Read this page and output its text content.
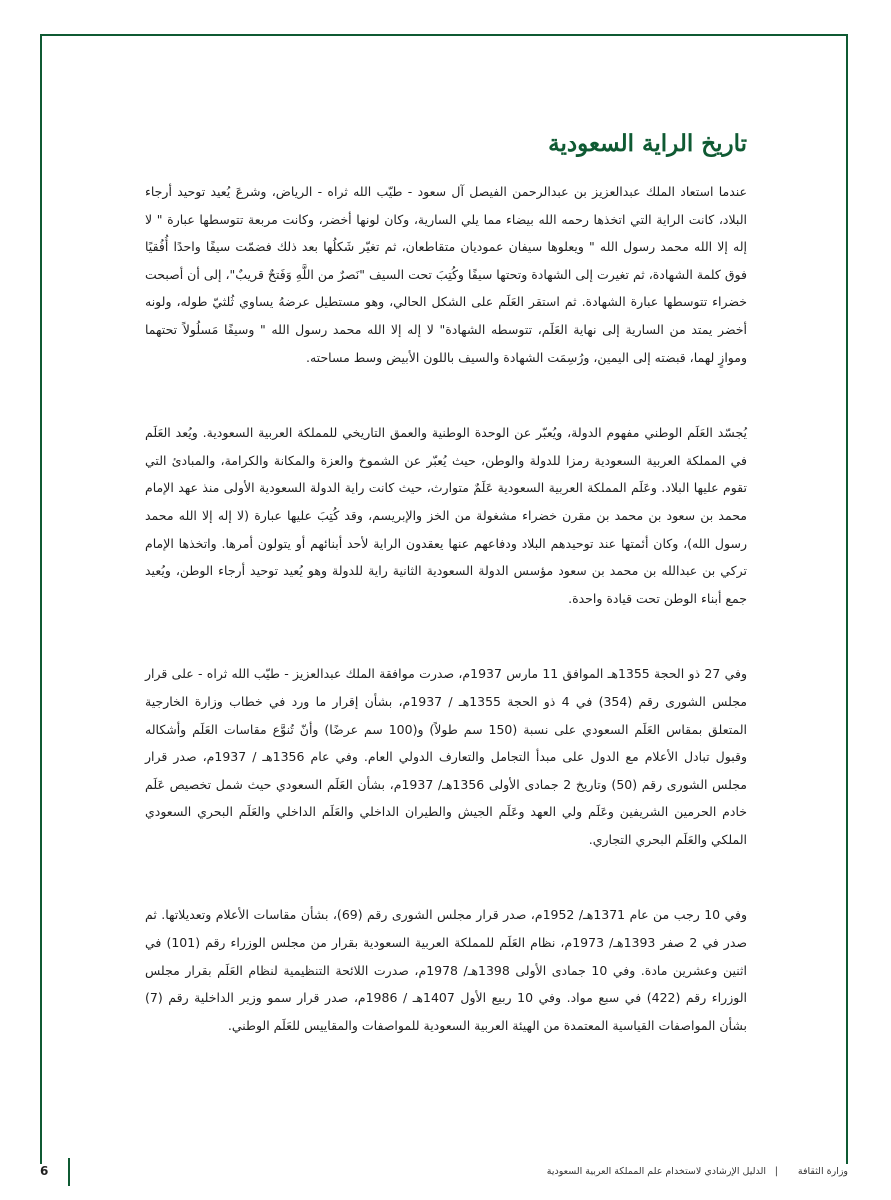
تاريخ الراية السعودية

عندما استعاد الملك عبدالعزيز بن عبدالرحمن الفيصل آل سعود - طيّب الله ثراه - الرياض، وشرعَ يُعيد توحيد أرجاء البلاد، كانت الراية التي اتخذها رحمه الله بيضاء مما يلي السارية، وكان لونها أخضر، وكانت مربعة تتوسطها عبارة " لا إله إلا الله محمد رسول الله " ويعلوها سيفان عموديان متقاطعان، ثم تغيّر شَكلُها بعد ذلك فضمّت سيفًا واحدًا أُفُقيًا فوق كلمة الشهادة، ثم تغيرت إلى الشهادة وتحتها سيفًا وكُتِبَ تحت السيف "نَصرٌ من اللَّهِ وَفَتحٌ قريبٌ"، إلى أن أصبحت خضراء تتوسطها عبارة الشهادة. ثم استقر العَلَم على الشكل الحالي، وهو مستطيل عرضهُ يساوي ثُلثيّ طوله، ولونه أخضر يمتد من السارية إلى نهاية العَلَم، تتوسطه الشهادة" لا إله إلا الله محمد رسول الله " وسيفًا مَسلُولاً تحتهما وموازٍ لهما، قبضته إلى اليمين، ورُسِمَت الشهادة والسيف باللون الأبيض وسط مساحته.

يُجسّد العَلَم الوطني مفهوم الدولة، ويُعبّر عن الوحدة الوطنية والعمق التاريخي للمملكة العربية السعودية. ويُعد العَلَم في المملكة العربية السعودية رمزا للدولة والوطن، حيث يُعبّر عن الشموخ والعزة والمكانة والكرامة، والمبادئ التي تقوم عليها البلاد. وعَلَم المملكة العربية السعودية عَلَمٌ متوارث، حيث كانت راية الدولة السعودية الأولى منذ عهد الإمام محمد بن سعود بن محمد بن مقرن خضراء مشغولة من الخز والإبريسم، وقد كُتِبَ عليها عبارة (لا إله إلا الله محمد رسول الله)، وكان أئمتها عند توحيدهم البلاد ودفاعهم عنها يعقدون الراية لأحد أبنائهم أو يتولون أمرها. واتخذها الإمام تركي بن عبدالله بن محمد بن سعود مؤسس الدولة السعودية الثانية راية للدولة وهو يُعيد توحيد أرجاء الوطن، ويُعيد جمع أبناء الوطن تحت قيادة واحدة.

وفي 27 ذو الحجة 1355هـ الموافق 11 مارس 1937م، صدرت موافقة الملك عبدالعزيز - طيّب الله ثراه - على قرار مجلس الشورى رقم (354) في 4 ذو الحجة 1355هـ / 1937م، بشأن إقرار ما ورد في خطاب وزارة الخارجية المتعلق بمقاس العَلَم السعودي على نسبة (150 سم طولاً) و(100 سم عرضًا) وأنّ تُنوَّع مقاسات العَلَم وأشكاله وقبول تبادل الأعلام مع الدول على مبدأ التجامل والتعارف الدولي العام. وفي عام 1356هـ / 1937م، صدر قرار مجلس الشورى رقم (50) وتاريخ 2 جمادى الأولى 1356هـ/ 1937م، بشأن العَلَم السعودي حيث شمل تخصيص عَلَم خادم الحرمين الشريفين وعَلَم ولي العهد وعَلَم الجيش والطيران الداخلي والعَلَم الداخلي والعَلَم البحري السعودي الملكي والعَلَم البحري التجاري.

وفي 10 رجب من عام 1371هـ/ 1952م، صدر قرار مجلس الشورى رقم (69)، بشأن مقاسات الأعلام وتعديلاتها. ثم صدر في 2 صفر 1393هـ/ 1973م، نظام العَلَم للمملكة العربية السعودية بقرار من مجلس الوزراء رقم (101) في اثنين وعشرين مادة. وفي 10 جمادى الأولى 1398هـ/ 1978م، صدرت اللائحة التنظيمية لنظام العَلَم بقرار مجلس الوزراء رقم (422) في سبع مواد. وفي 10 ربيع الأول 1407هـ / 1986م، صدر قرار سمو وزير الداخلية رقم (7) بشأن المواصفات القياسية المعتمدة من الهيئة العربية السعودية للمواصفات والمقاييس للعَلَم الوطني.

وزارة الثقافة
|
الدليل الإرشادي لاستخدام علم المملكة العربية السعودية
6
